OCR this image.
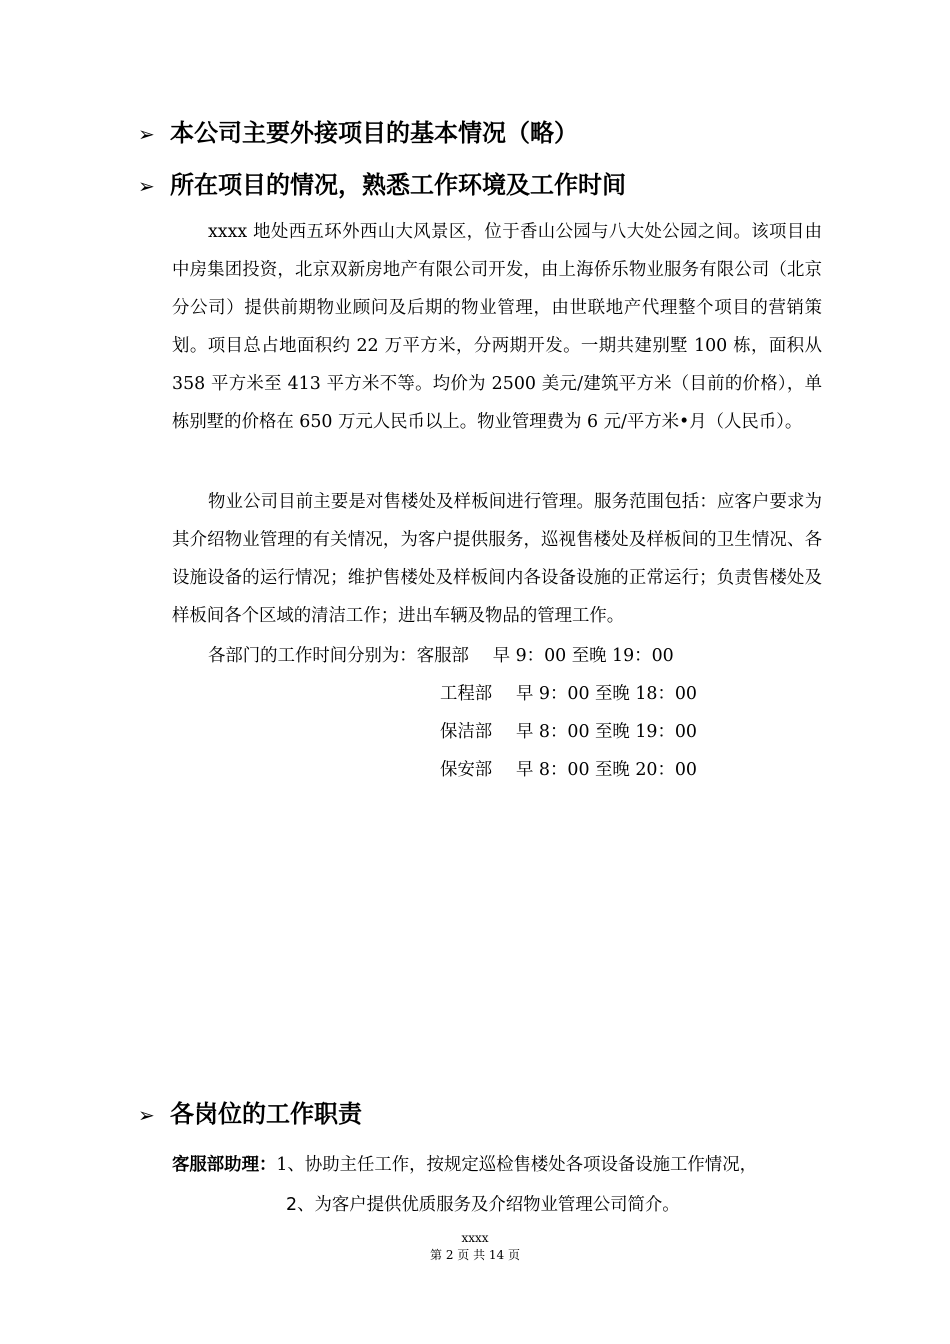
➢ 本公司主要外接项目的基本情况（略）
➢ 所在项目的情况，熟悉工作环境及工作时间
xxxx 地处西五环外西山大风景区，位于香山公园与八大处公园之间。该项目由中房集团投资，北京双新房地产有限公司开发，由上海侨乐物业服务有限公司（北京分公司）提供前期物业顾问及后期的物业管理，由世联地产代理整个项目的营销策划。项目总占地面积约 22 万平方米，分两期开发。一期共建别墅 100 栋，面积从 358 平方米至 413 平方米不等。均价为 2500 美元/建筑平方米（目前的价格），单栋别墅的价格在 650 万元人民币以上。物业管理费为 6 元/平方米•月（人民币）。
物业公司目前主要是对售楼处及样板间进行管理。服务范围包括：应客户要求为其介绍物业管理的有关情况，为客户提供服务，巡视售楼处及样板间的卫生情况、各设施设备的运行情况；维护售楼处及样板间内各设备设施的正常运行；负责售楼处及样板间各个区域的清洁工作；进出车辆及物品的管理工作。
各部门的工作时间分别为：客服部 早 9：00 至晚 19：00
工程部 早 9：00 至晚 18：00
保洁部 早 8：00 至晚 19：00
保安部 早 8：00 至晚 20：00
➢ 各岗位的工作职责
客服部助理：1、协助主任工作，按规定巡检售楼处各项设备设施工作情况，
2、为客户提供优质服务及介绍物业管理公司简介。
xxxx
第 2 页 共 14 页
